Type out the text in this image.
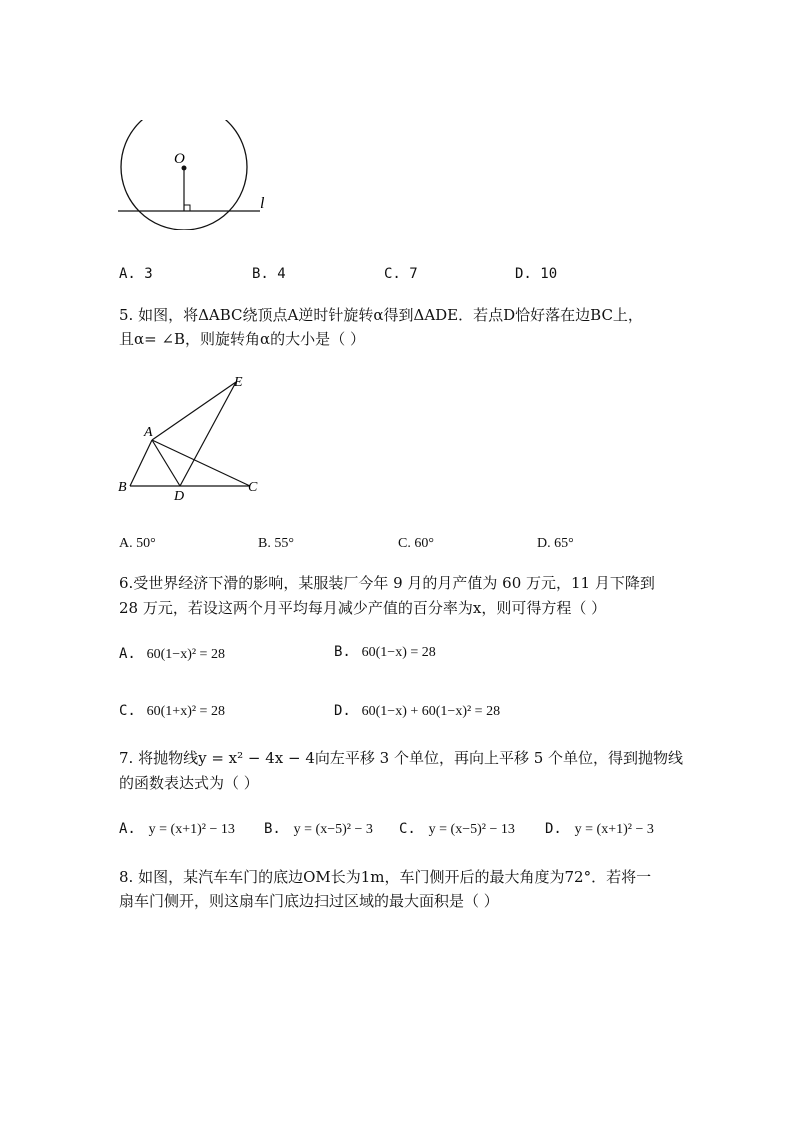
O
l
A. 3	B. 4	C. 7	D. 10
5. 如图，将ΔABC绕顶点A逆时针旋转α得到ΔADE．若点D恰好落在边BC上，
且α= ∠B，则旋转角α的大小是（ ）
A
B	C
D
E
A. 50°	B. 55°	C. 60°	D. 65°
6.受世界经济下滑的影响，某服装厂今年 9 月的月产值为 60 万元，11 月下降到
28 万元，若设这两个月平均每月减少产值的百分率为x，则可得方程（ ）
A. 60(1−x)² = 28	B. 60(1−x) = 28
C. 60(1+x)² = 28	D. 60(1−x) + 60(1−x)² = 28
7. 将抛物线y = x² − 4x − 4向左平移 3 个单位，再向上平移 5 个单位，得到抛物线
的函数表达式为（ ）
A. y = (x+1)² − 13 B. y = (x−5)² − 3 C. y = (x−5)² − 13 D. y = (x+1)² − 3
8. 如图，某汽车车门的底边OM长为1m，车门侧开后的最大角度为72°．若将一
扇车门侧开，则这扇车门底边扫过区域的最大面积是（ ）
